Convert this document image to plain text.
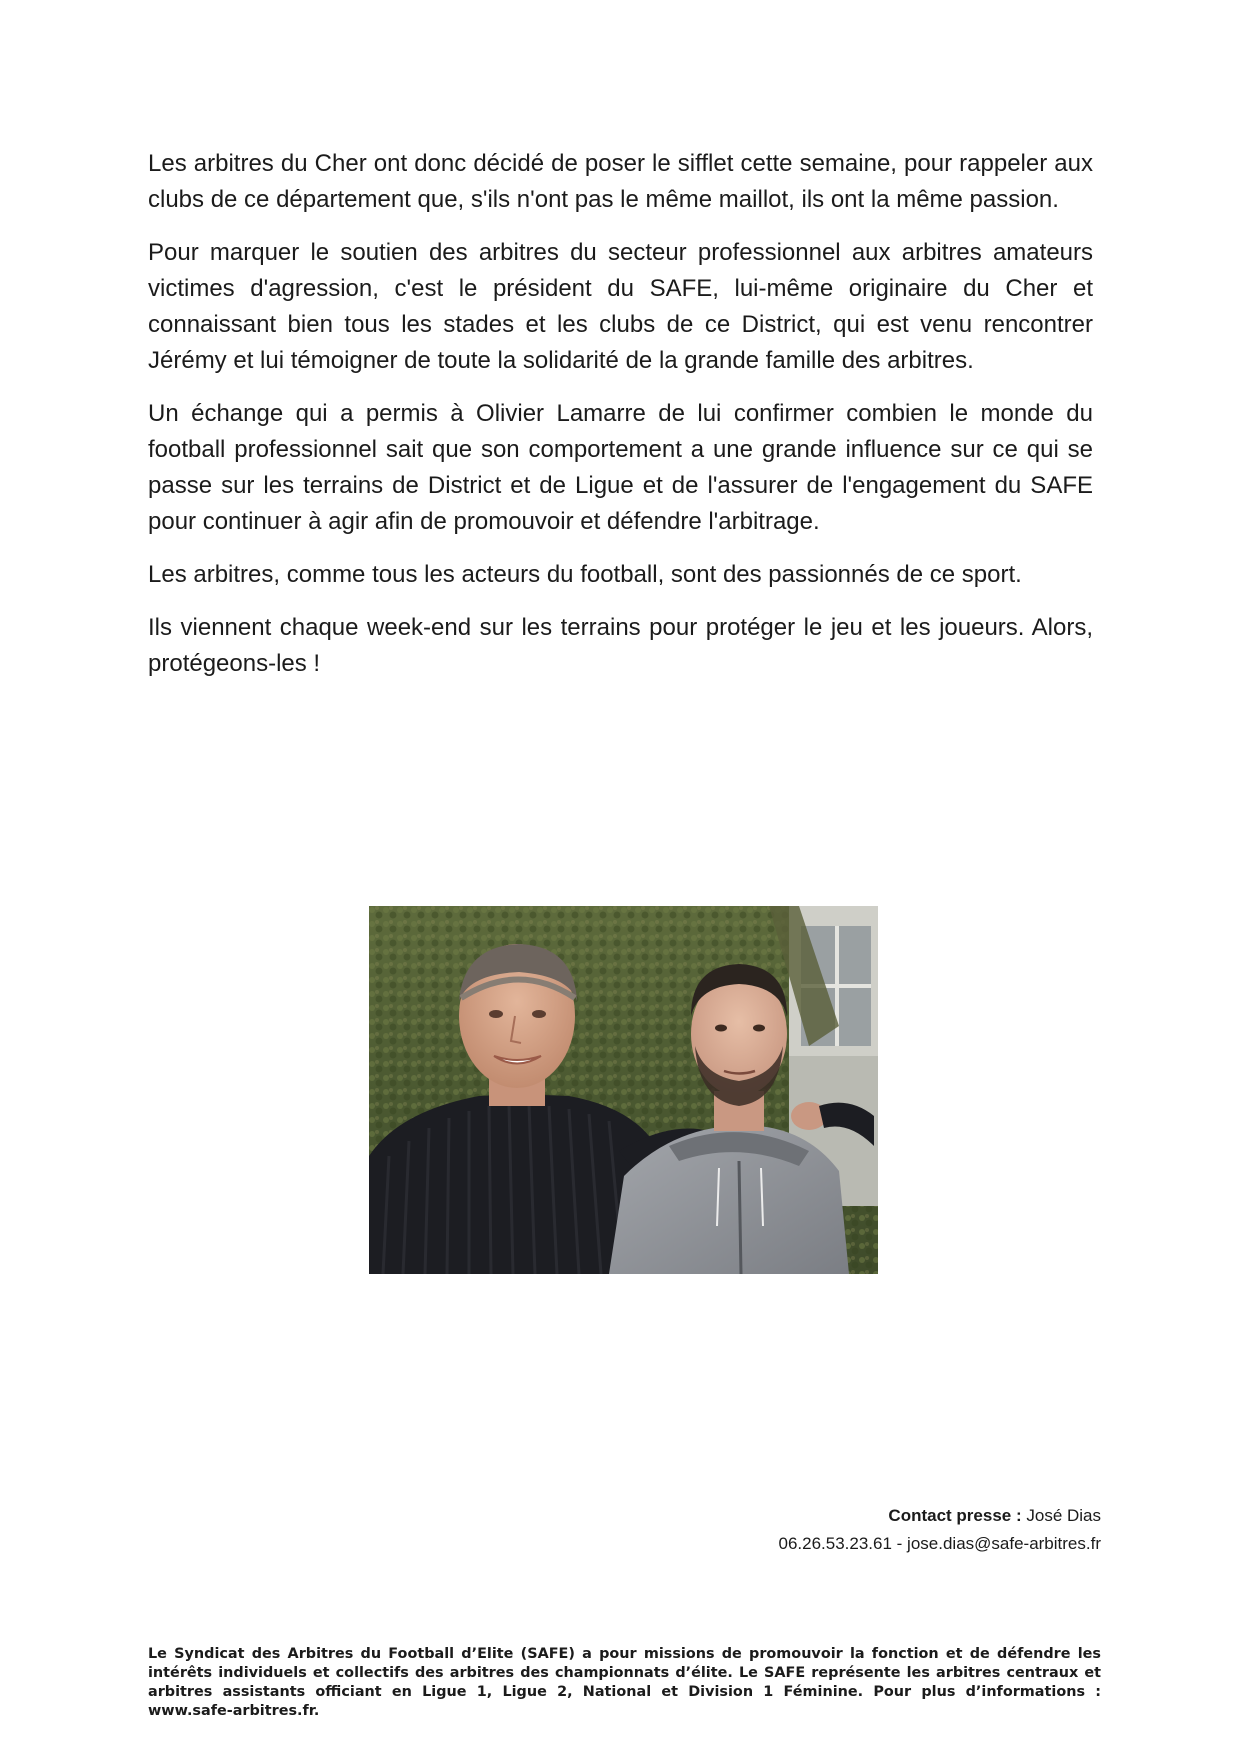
Les arbitres du Cher ont donc décidé de poser le sifflet cette semaine, pour rappeler aux clubs de ce département que, s'ils n'ont pas le même maillot, ils ont la même passion.

Pour marquer le soutien des arbitres du secteur professionnel aux arbitres amateurs victimes d'agression, c'est le président du SAFE, lui-même originaire du Cher et connaissant bien tous les stades et les clubs de ce District, qui est venu rencontrer Jérémy et lui témoigner de toute la solidarité de la grande famille des arbitres.

Un échange qui a permis à Olivier Lamarre de lui confirmer combien le monde du football professionnel sait que son comportement a une grande influence sur ce qui se passe sur les terrains de District et de Ligue et de l'assurer de l'engagement du SAFE pour continuer à agir afin de promouvoir et défendre l'arbitrage.

Les arbitres, comme tous les acteurs du football, sont des passionnés de ce sport.

Ils viennent chaque week-end sur les terrains pour protéger le jeu et les joueurs. Alors, protégeons-les !

Contact presse : José Dias
06.26.53.23.61 - jose.dias@safe-arbitres.fr
Le Syndicat des Arbitres du Football d’Elite (SAFE) a pour missions de promouvoir la fonction et de défendre les intérêts individuels et collectifs des arbitres des championnats d’élite. Le SAFE représente les arbitres centraux et arbitres assistants officiant en Ligue 1, Ligue 2, National et Division 1 Féminine. Pour plus d’informations : www.safe-arbitres.fr.
